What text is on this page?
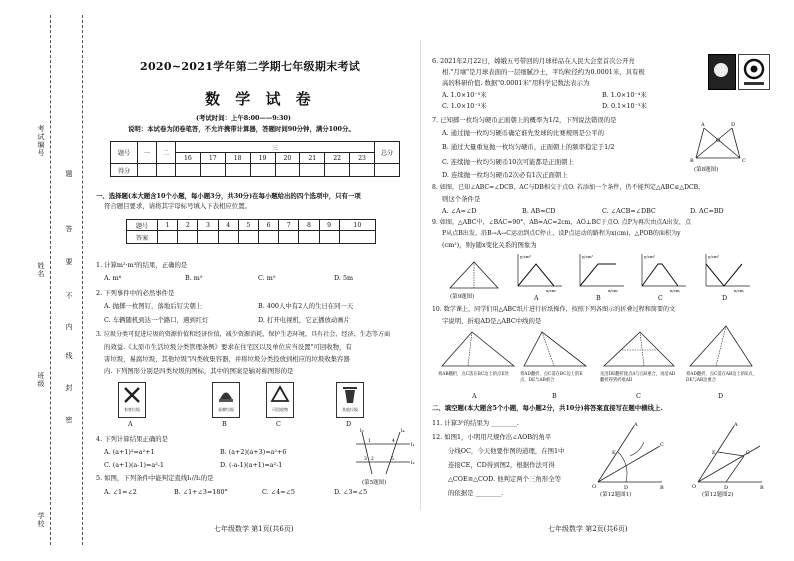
考试编号
题
答
要
不
内
线
封
密
班级
姓名
学校
2020~2021学年第二学期七年级期末考试
数 学 试 卷
(考试时间：上午8:00——9:30)
说明：本试卷为闭卷笔答，不允许携带计算器，答题时间90分钟，满分100分。
题号	一	二	三								总分
			16	17	18	19	20	21	22	23	
得分											
一、选择题(本大题含10个小题，每小题3分，共30分)在每小题给出的四个选项中，只有一项
符合题目要求，请将其字母标号填入下表相应位置。
题号	1	2	3	4	5	6	7	8	9	10
答案										
1. 计算m²·m³的结果，正确的是
A. m⁶	B. m⁵	C. m⁹	D. 5m
2. 下列事件中的必然事件是
A. 抛掷一枚图钉，落地后钉尖朝上	B. 400人中有2人的生日在同一天
C. 车辆随机到达一个路口，遇到红灯	D. 打开电视机，它正播放动画片
3. 垃圾分类可促进垃圾的资源价值和经济价值，减少资源消耗，保护生态环境，具有社会、经济、生态等方面
的效益.《太原市生活垃圾分类管理条例》要求在住宅区以及单位应当设置"可回收物，有
害垃圾，易腐垃圾，其他垃圾"四类收集容器，并将垃圾分类投放到相应的垃圾收集容器
内. 下列图形分别是四类垃圾的图标，其中的图案是轴对称图形的是
有害垃圾
A
易腐垃圾
B
可回收物
C
其他垃圾
D
4. 下列计算结果正确的是
A. (a+1)²=a²+1	B. (a+2)(a+3)=a²+6
C. (a+1)(a-1)=a²-1	D. (-a-1)(a+1)=a²-1
5. 如图，下列条件中能判定直线l₁//l₂的是
A. ∠1=∠2	B. ∠1+∠3=180°	C. ∠4=∠5	D. ∠3=∠5
l₁
l₂
l₃	l₄
1
2
3
4
5
(第5题图)
七年级数学 第1页(共6页)
6. 2021年2月22日，嫦娥五号带回的月球样品在人民大会堂首次公开亮
相."月壤"是月球表面的一层细腻沙土，平均粒径约为0.0001米，具有极
高的科研价值. 数据"0.0001米"用科学记数法表示为
A. 1.0×10⁻⁵米	B. 1.0×10⁻⁴米
C. 1.0×10⁻³米	D. 0.1×10⁻³米
7. 已知掷一枚均匀硬币正面朝上的概率为1/2，下列说法错误的是
A. 通过抛一枚均匀硬币确定谁先发球的比赛规则是公平的
B. 通过大量重复抛一枚均匀硬币，正面朝上的频率稳定于1/2
C. 连续抛一枚均匀硬币10次可能都是正面朝上
D. 连续抛一枚均匀硬币2次必有1次正面朝上
A	D
B
O
C
(第8题图)
8. 如图，已知∠ABC=∠DCB，AC与DB相交于点O. 若添加一个条件，仍不能判定△ABC≌△DCB，
则这个条件是
A. ∠A=∠D	B. AB=CD	C. ∠ACB=∠DBC	D. AC=BD
9. 如图，△ABC中，∠BAC=90°，AB=AC=2cm，AO⊥BC于点O. 点P为再次由点A出发，点
P从点B出发，沿B→A→C运动到点C停止，设P点运动的路程为x(cm)，△POB的面积为y
(cm²)，则y随x变化关系的图象为
(第9题图)
y/cm²
x/cm
A
y/cm²
x/cm
B
y/cm²
x/cm
C
y/cm²
x/cm
D
10. 数学课上，同学们用△ABC纸片进行折纸操作，按照下列各图示的折叠过程和简要的文
字说明，折痕AD是△ABC中线的是
将AB翻折，点C落在BC边上的点E处	将AD翻折，点C落在BC边上的E点，DE与AB重合
先沿DE翻折使点A与点B重合，再沿AD翻折得到折痕AD
将AD翻折，点C落在AB边上的E点，DE与AB边重合
A	B	C	D
二、填空题(本大题含5个小题，每小题2分，共10分)将答案直接写在题中横线上.
11. 计算3⁰的结果为 ________.
12. 如图1，小明用尺规作出∠AOB的角平
分线OC，今天他要作图的道理，在图1中
连接CE，CD得到图2，根据作法可得
△COE≌△COD. 他判定两个三角形全等
的依据是 ________.
A
E
C
O	D	B
(第12题图1)
A
E	C
O	D	B
(第12题图2)
七年级数学 第2页(共6页)
